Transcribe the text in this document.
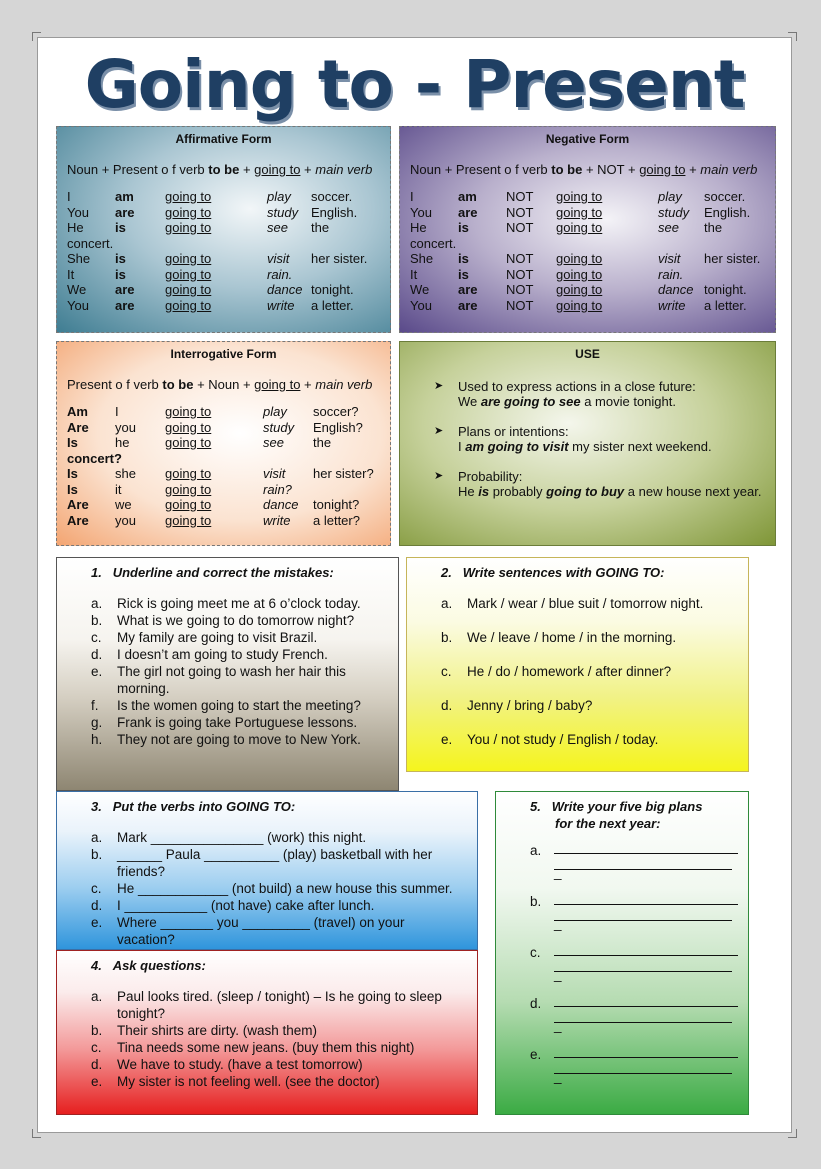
Going to - Present
Affirmative Form
Noun + Present o f verb to be + going to + main verb
I	am going to	play soccer.
You are going to	study English.
He is	going to	see the
concert.
She is	going to	visit her sister.
It	is	going to	rain.
We are going to	dance tonight.
You are going to	write a letter.
Negative Form
Noun + Present o f verb to be + NOT + going to + main verb
I	am NOT going to	play soccer.
You are NOT going to	study English.
He is	NOT going to	see the
concert.
She is	NOT going to	visit her sister.
It	is	NOT going to	rain.
We are NOT going to	dance tonight.
You are NOT going to	write a letter.
Interrogative Form
Present o f verb to be + Noun + going to + main verb
Am I	going to	play soccer?
Are you going to	study English?
Is	he	going to	see the
concert?
Is	she going to	visit her sister?
Is	it	going to	rain?
Are we	going to	dance tonight?
Are you going to	write a letter?
USE
➤ Used to express actions in a close future:
We are going to see a movie tonight.
➤ Plans or intentions:
I am going to visit my sister next weekend.
➤ Probability:
He is probably going to buy a new house next year.
1. Underline and correct the mistakes:
a. Rick is going meet me at 6 o’clock today.
b. What is we going to do tomorrow night?
c. My family are going to visit Brazil.
d. I doesn’t am going to study French.
e. The girl not going to wash her hair this morning.
f. Is the women going to start the meeting?
g. Frank is going take Portuguese lessons.
h. They not are going to move to New York.
2. Write sentences with GOING TO:
a. Mark / wear / blue suit / tomorrow night.
b. We / leave / home / in the morning.
c. He / do / homework / after dinner?
d. Jenny / bring / baby?
e. You / not study / English / today.
3. Put the verbs into GOING TO:
a. Mark _______________ (work) this night.
b. ______ Paula __________ (play) basketball with her friends?
c. He ____________ (not build) a new house this summer.
d. I ___________ (not have) cake after lunch.
e. Where _______ you _________ (travel) on your vacation?
4. Ask questions:
a. Paul looks tired. (sleep / tonight) – Is he going to sleep tonight?
b. Their shirts are dirty. (wash them)
c. Tina needs some new jeans. (buy them this night)
d. We have to study. (have a test tomorrow)
e. My sister is not feeling well. (see the doctor)
5. Write your five big plans
for the next year:
a.
_
b.
_
c.
_
d.
_
e.
_
